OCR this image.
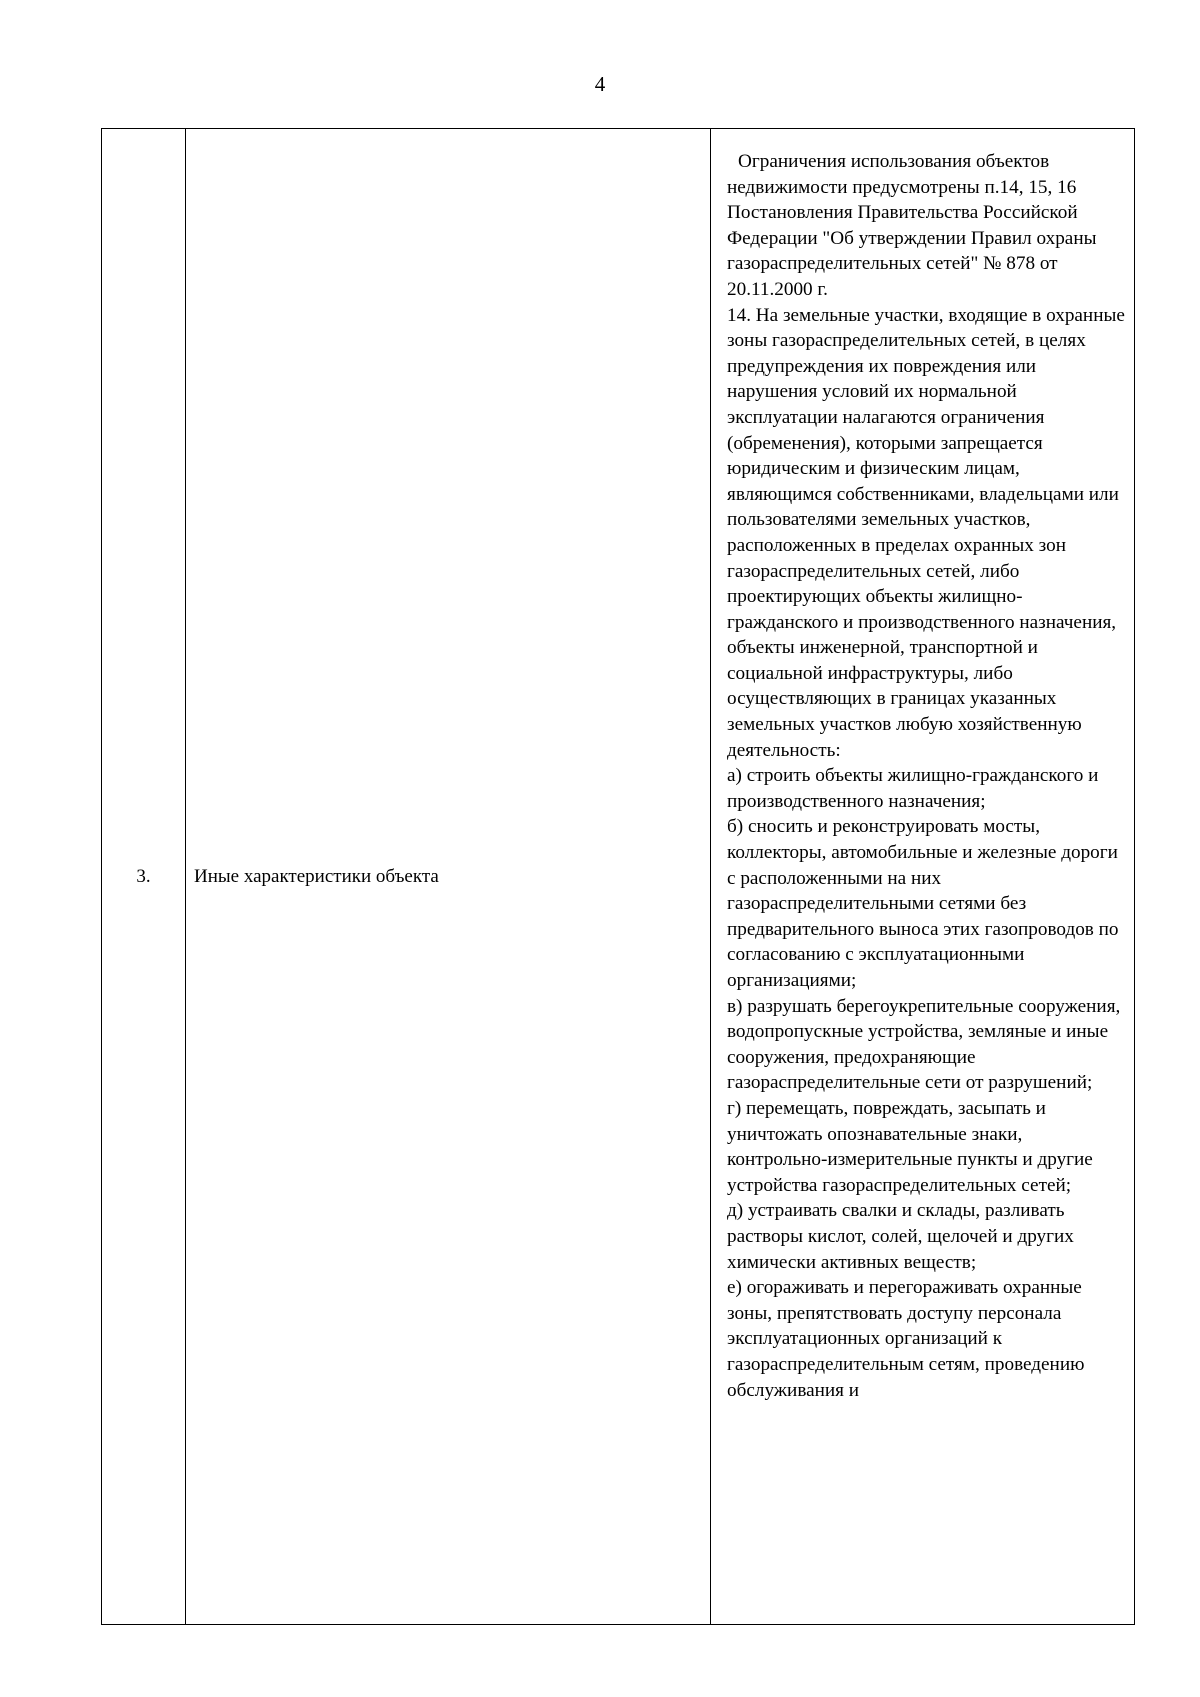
4
3.	Иные характеристики объекта	

Ограничения использования объектов недвижимости предусмотрены п.14, 15, 16 Постановления Правительства Российской Федерации "Об утверждении Правил охраны газораспределительных сетей" № 878 от 20.11.2000 г.

14. На земельные участки, входящие в охранные зоны газораспределительных сетей, в целях предупреждения их повреждения или нарушения условий их нормальной эксплуатации налагаются ограничения (обременения), которыми запрещается юридическим и физическим лицам, являющимся собственниками, владельцами или пользователями земельных участков, расположенных в пределах охранных зон газораспределительных сетей, либо проектирующих объекты жилищно-гражданского и производственного назначения, объекты инженерной, транспортной и социальной инфраструктуры, либо осуществляющих в границах указанных земельных участков любую хозяйственную деятельность:

а) строить объекты жилищно-гражданского и производственного назначения;

б) сносить и реконструировать мосты, коллекторы, автомобильные и железные дороги с расположенными на них газораспределительными сетями без предварительного выноса этих газопроводов по согласованию с эксплуатационными организациями;

в) разрушать берегоукрепительные сооружения, водопропускные устройства, земляные и иные сооружения, предохраняющие газораспределительные сети от разрушений;

г) перемещать, повреждать, засыпать и уничтожать опознавательные знаки, контрольно-измерительные пункты и другие устройства газораспределительных сетей;

д) устраивать свалки и склады, разливать растворы кислот, солей, щелочей и других химически активных веществ;

е) огораживать и перегораживать охранные зоны, препятствовать доступу персонала эксплуатационных организаций к газораспределительным сетям, проведению обслуживания и
